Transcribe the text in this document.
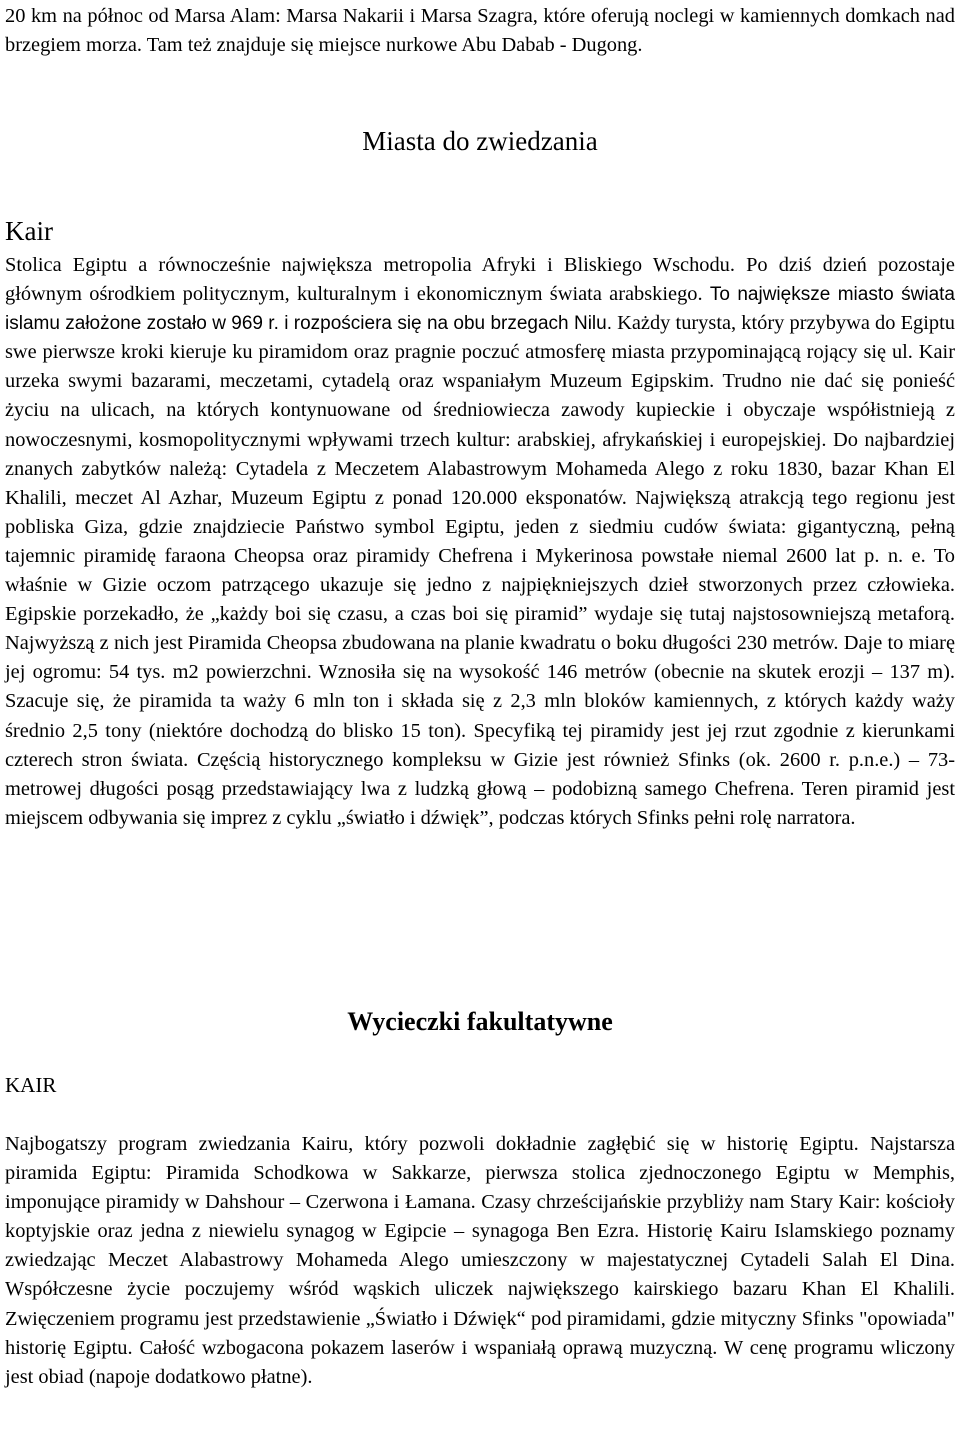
20 km na północ od Marsa Alam: Marsa Nakarii i Marsa Szagra, które oferują noclegi w kamiennych domkach nad brzegiem morza. Tam też znajduje się miejsce nurkowe Abu Dabab - Dugong.

Miasta do zwiedzania
Kair

Stolica Egiptu a równocześnie największa metropolia Afryki i Bliskiego Wschodu. Po dziś dzień pozostaje głównym ośrodkiem politycznym, kulturalnym i ekonomicznym świata arabskiego. To największe miasto świata islamu założone zostało w 969 r. i rozpościera się na obu brzegach Nilu. Każdy turysta, który przybywa do Egiptu swe pierwsze kroki kieruje ku piramidom oraz pragnie poczuć atmosferę miasta przypominającą rojący się ul. Kair urzeka swymi bazarami, meczetami, cytadelą oraz wspaniałym Muzeum Egipskim. Trudno nie dać się ponieść życiu na ulicach, na których kontynuowane od średniowiecza zawody kupieckie i obyczaje współistnieją z nowoczesnymi, kosmopolitycznymi wpływami trzech kultur: arabskiej, afrykańskiej i europejskiej. Do najbardziej znanych zabytków należą: Cytadela z Meczetem Alabastrowym Mohameda Alego z roku 1830, bazar Khan El Khalili, meczet Al Azhar, Muzeum Egiptu z ponad 120.000 eksponatów. Największą atrakcją tego regionu jest pobliska Giza, gdzie znajdziecie Państwo symbol Egiptu, jeden z siedmiu cudów świata: gigantyczną, pełną tajemnic piramidę faraona Cheopsa oraz piramidy Chefrena i Mykerinosa powstałe niemal 2600 lat p. n. e. To właśnie w Gizie oczom patrzącego ukazuje się jedno z najpiękniejszych dzieł stworzonych przez człowieka. Egipskie porzekadło, że „każdy boi się czasu, a czas boi się piramid” wydaje się tutaj najstosowniejszą metaforą. Najwyższą z nich jest Piramida Cheopsa zbudowana na planie kwadratu o boku długości 230 metrów. Daje to miarę jej ogromu: 54 tys. m2 powierzchni. Wznosiła się na wysokość 146 metrów (obecnie na skutek erozji – 137 m). Szacuje się, że piramida ta waży 6 mln ton i składa się z 2,3 mln bloków kamiennych, z których każdy waży średnio 2,5 tony (niektóre dochodzą do blisko 15 ton). Specyfiką tej piramidy jest jej rzut zgodnie z kierunkami czterech stron świata. Częścią historycznego kompleksu w Gizie jest również Sfinks (ok. 2600 r. p.n.e.) – 73-metrowej długości posąg przedstawiający lwa z ludzką głową – podobizną samego Chefrena. Teren piramid jest miejscem odbywania się imprez z cyklu „światło i dźwięk”, podczas których Sfinks pełni rolę narratora.

Wycieczki fakultatywne
KAIR

Najbogatszy program zwiedzania Kairu, który pozwoli dokładnie zagłębić się w historię Egiptu. Najstarsza piramida Egiptu: Piramida Schodkowa w Sakkarze, pierwsza stolica zjednoczonego Egiptu w Memphis, imponujące piramidy w Dahshour – Czerwona i Łamana. Czasy chrześcijańskie przybliży nam Stary Kair: kościoły koptyjskie oraz jedna z niewielu synagog w Egipcie – synagoga Ben Ezra. Historię Kairu Islamskiego poznamy zwiedzając Meczet Alabastrowy Mohameda Alego umieszczony w majestatycznej Cytadeli Salah El Dina. Współczesne życie poczujemy wśród wąskich uliczek największego kairskiego bazaru Khan El Khalili. Zwięczeniem programu jest przedstawienie „Światło i Dźwięk“ pod piramidami, gdzie mityczny Sfinks "opowiada" historię Egiptu. Całość wzbogacona pokazem laserów i wspaniałą oprawą muzyczną. W cenę programu wliczony jest obiad (napoje dodatkowo płatne).
